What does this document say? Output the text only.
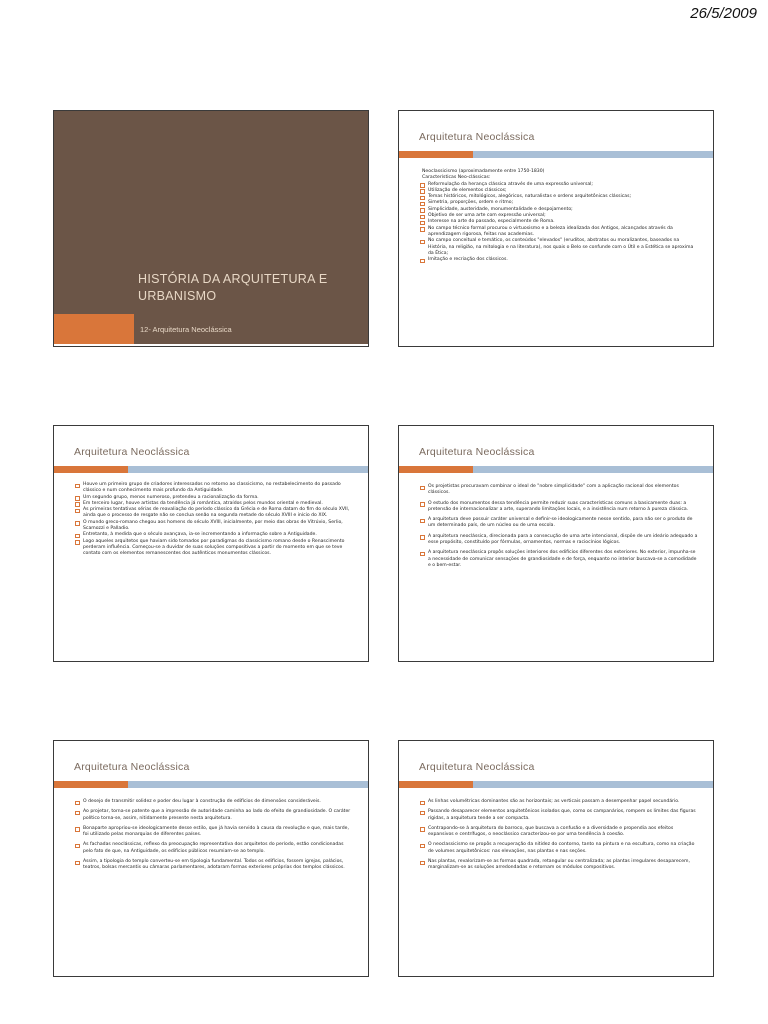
26/5/2009
HISTÓRIA DA ARQUITETURA E
URBANISMO
12- Arquitetura Neoclássica
Arquitetura Neoclássica
Neoclassicismo (aproximadamente entre 1750-1830)
Características Neo-clássicas:
Reformulação da herança clássica através de uma expressão universal;
Utilização de elementos clássicos;
Temas históricos, mitológicos, alegóricos, naturalistas e ordens arquitetônicas clássicas;
Simetria, proporções, ordem e ritmo;
Simplicidade, austeridade, monumentalidade e despojamento;
Objetivo de ser uma arte com expressão universal;
Interesse na arte do passado, especialmente de Roma.
No campo técnico formal procurou o virtuosismo e a beleza idealizada dos Antigos, alcançados através da aprendizagem rigorosa, feitas nas academias.
No campo conceitual e temático, os conteúdos "elevados" (eruditos, abstratos ou moralizantes, baseados na História, na religião, na mitologia e na literatura), nos quais o Belo se confunde com o Útil e a Estética se aproxima da Ética;
Imitação e recriação dos clássicos.
Arquitetura Neoclássica
Houve um primeiro grupo de criadores interessados no retorno ao classicismo, no restabelecimento do passado clássico e num conhecimento mais profundo da Antiguidade.
Um segundo grupo, menos numeroso, pretendeu a racionalização da forma.
Em terceiro lugar, houve artistas da tendência já romântica, atraídos pelos mundos oriental e medieval.
As primeiras tentativas sérias de reavaliação do período clássico da Grécia e de Roma datam do fim do século XVII, ainda que o processo de resgate não se conclua senão na segunda metade do século XVIII e início do XIX.
O mundo greco-romano chegou aos homens do século XVIII, inicialmente, por meio das obras de Vitrúvio, Serlio, Scamozzi e Palladio.
Entretanto, à medida que o século avançava, ia-se incrementando a informação sobre a Antiguidade.
Logo aqueles arquitetos que haviam sido tomados por paradigmas do classicismo romano desde o Renascimento perderam influência. Começou-se a duvidar de suas soluções compositivas a partir do momento em que se teve contato com os elementos remanescentes dos autênticos monumentos clássicos.
Arquitetura Neoclássica
Os projetistas procuravam combinar o ideal de "nobre simplicidade" com a aplicação racional dos elementos clássicos.
O estudo dos monumentos dessa tendência permite reduzir suas características comuns a basicamente duas: a pretensão de internacionalizar a arte, superando limitações locais, e a insistência num retorno à pureza clássica.
A arquitetura deve possuir caráter universal e definir-se ideologicamente nesse sentido, para não ser o produto de um determinado país, de um núcleo ou de uma escola.
A arquitetura neoclássica, direcionada para a consecução de uma arte intencional, dispõe de um ideário adequado a esse propósito, constituído por fórmulas, ornamentos, normas e raciocínios lógicos.
A arquitetura neoclássica propôs soluções interiores dos edifícios diferentes dos exteriores. No exterior, impunha-se a necessidade de comunicar sensações de grandiosidade e de força, enquanto no interior buscava-se a comodidade e o bem-estar.
Arquitetura Neoclássica
O desejo de transmitir solidez e poder deu lugar à construção de edifícios de dimensões consideráveis.
Ao projetar, torna-se patente que a impressão de autoridade caminha ao lado do efeito de grandiosidade. O caráter político torna-se, assim, nitidamente presente nesta arquitetura.
Bonaparte apropriou-se ideologicamente desse estilo, que já havia servido à causa da revolução e que, mais tarde, foi utilizado pelas monarquias de diferentes países.
As fachadas neoclássicas, reflexo da preocupação representativa dos arquitetos do período, estão condicionadas pelo fato de que, na Antiguidade, os edifícios públicos resumiam-se ao templo.
Assim, a tipologia do templo converteu-se em tipologia fundamental. Todos os edifícios, fossem igrejas, palácios, teatros, bolsas mercantis ou câmaras parlamentares, adotaram formas exteriores próprias dos templos clássicos.
Arquitetura Neoclássica
As linhas volumétricas dominantes são as horizontais; as verticais passam a desempenhar papel secundário.
Passando desaparecer elementos arquitetônicos isolados que, como os campanários, rompem os limites das figuras rígidas, a arquitetura tende a ser compacta.
Contrapondo-se à arquitetura do barroco, que buscava a confusão e a diversidade e propendia aos efeitos expansivos e centrífugos, o neoclássico caracterizou-se por uma tendência à coesão.
O neoclassicismo se propôs a recuperação da nitidez do contorno, tanto na pintura e na escultura, como na criação de volumes arquitetônicos: nas elevações, nas plantas e nas seções.
Nas plantas, revalorizam-se as formas quadrada, retangular ou centralizada; as plantas irregulares desaparecem, marginalizam-se as soluções arredondadas e retornam os módulos compositivos.
